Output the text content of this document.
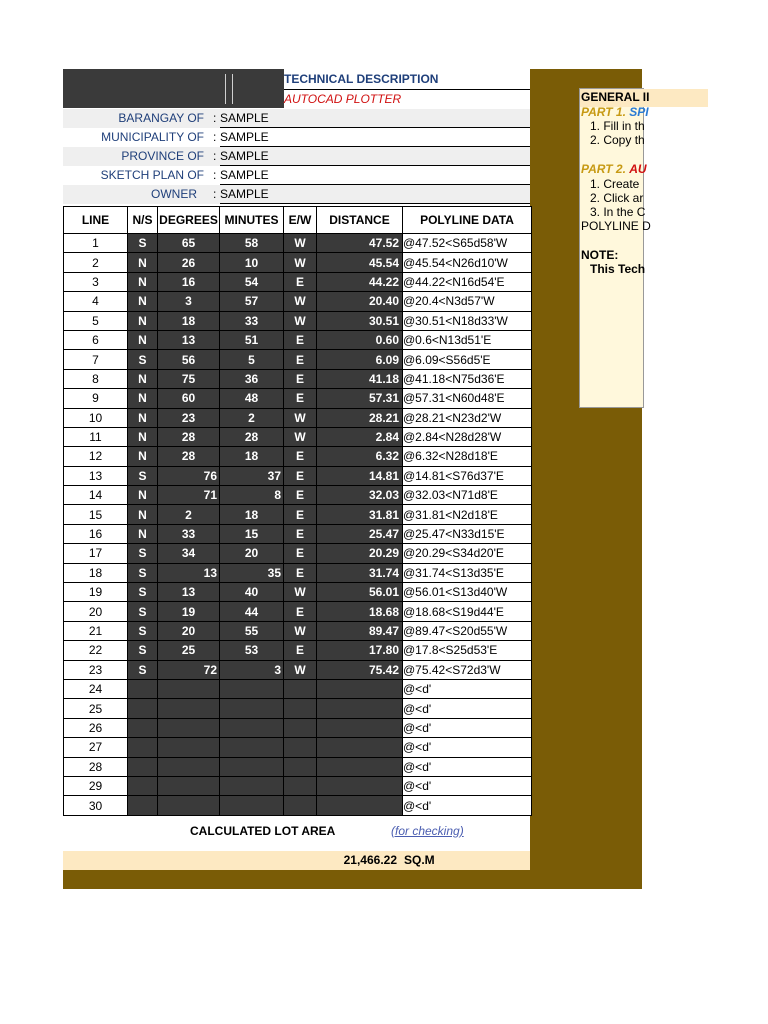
TECHNICAL DESCRIPTION
AUTOCAD PLOTTER
BARANGAY OF : SAMPLE
MUNICIPALITY OF : SAMPLE
PROVINCE OF : SAMPLE
SKETCH PLAN OF : SAMPLE
OWNER : SAMPLE
LINE	N/S	DEGREES	MINUTES	E/W	DISTANCE	POLYLINE DATA
1	S	65	58	W	47.52	@47.52<S65d58'W
2	N	26	10	W	45.54	@45.54<N26d10'W
3	N	16	54	E	44.22	@44.22<N16d54'E
4	N	3	57	W	20.40	@20.4<N3d57'W
5	N	18	33	W	30.51	@30.51<N18d33'W
6	N	13	51	E	0.60	@0.6<N13d51'E
7	S	56	5	E	6.09	@6.09<S56d5'E
8	N	75	36	E	41.18	@41.18<N75d36'E
9	N	60	48	E	57.31	@57.31<N60d48'E
10	N	23	2	W	28.21	@28.21<N23d2'W
11	N	28	28	W	2.84	@2.84<N28d28'W
12	N	28	18	E	6.32	@6.32<N28d18'E
13	S	76	37	E	14.81	@14.81<S76d37'E
14	N	71	8	E	32.03	@32.03<N71d8'E
15	N	2	18	E	31.81	@31.81<N2d18'E
16	N	33	15	E	25.47	@25.47<N33d15'E
17	S	34	20	E	20.29	@20.29<S34d20'E
18	S	13	35	E	31.74	@31.74<S13d35'E
19	S	13	40	W	56.01	@56.01<S13d40'W
20	S	19	44	E	18.68	@18.68<S19d44'E
21	S	20	55	W	89.47	@89.47<S20d55'W
22	S	25	53	E	17.80	@17.8<S25d53'E
23	S	72	3	W	75.42	@75.42<S72d3'W
24						@<d'
25						@<d'
26						@<d'
27						@<d'
28						@<d'
29						@<d'
30						@<d'
CALCULATED LOT AREA	(for checking)
21,466.22 SQ.M
GENERAL II
PART 1. SPI
1. Fill in th
2. Copy th
PART 2. AU
1. Create
2. Click ar
3. In the C
POLYLINE D
NOTE:
This Tech
